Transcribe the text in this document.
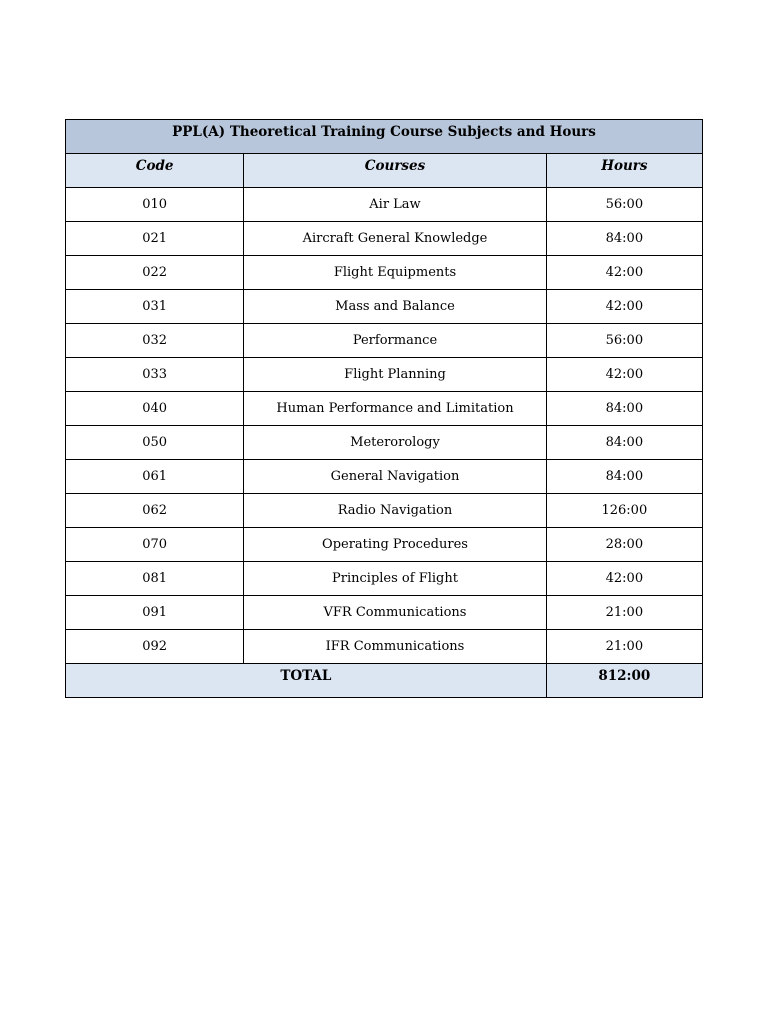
PPL(A) Theoretical Training Course Subjects and Hours		
Code	Courses	Hours
010	Air Law	56:00
021	Aircraft General Knowledge	84:00
022	Flight Equipments	42:00
031	Mass and Balance	42:00
032	Performance	56:00
033	Flight Planning	42:00
040	Human Performance and Limitation	84:00
050	Meterorology	84:00
061	General Navigation	84:00
062	Radio Navigation	126:00
070	Operating Procedures	28:00
081	Principles of Flight	42:00
091	VFR Communications	21:00
092	IFR Communications	21:00
TOTAL		812:00
